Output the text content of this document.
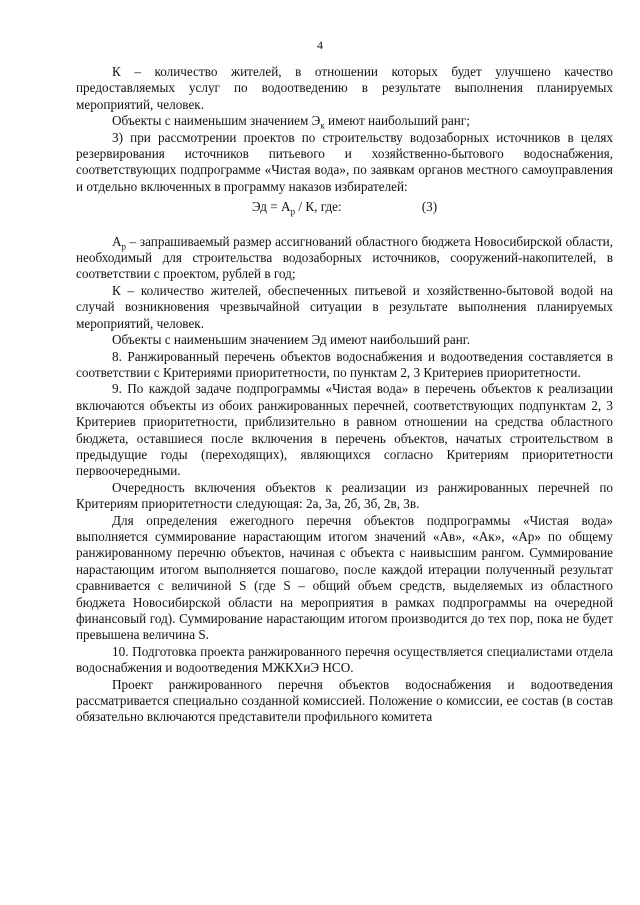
4

К – количество жителей, в отношении которых будет улучшено качество предоставляемых услуг по водоотведению в результате выполнения планируемых мероприятий, человек.

Объекты с наименьшим значением $Э_к$ имеют наибольший ранг;

3) при рассмотрении проектов по строительству водозаборных источников в целях резервирования источников питьевого и хозяйственно-бытового водоснабжения, соответствующих подпрограмме «Чистая вода», по заявкам органов местного самоуправления и отдельно включенных в программу наказов избирателей:

Эд = $А_р$ / К, где:	(3)

$А_р$ – запрашиваемый размер ассигнований областного бюджета Новосибирской области, необходимый для строительства водозаборных источников, сооружений-накопителей, в соответствии с проектом, рублей в год;

К – количество жителей, обеспеченных питьевой и хозяйственно-бытовой водой на случай возникновения чрезвычайной ситуации в результате выполнения планируемых мероприятий, человек.

Объекты с наименьшим значением Эд имеют наибольший ранг.

8. Ранжированный перечень объектов водоснабжения и водоотведения составляется в соответствии с Критериями приоритетности, по пунктам 2, 3 Критериев приоритетности.

9. По каждой задаче подпрограммы «Чистая вода» в перечень объектов к реализации включаются объекты из обоих ранжированных перечней, соответствующих подпунктам 2, 3 Критериев приоритетности, приблизительно в равном отношении на средства областного бюджета, оставшиеся после включения в перечень объектов, начатых строительством в предыдущие годы (переходящих), являющихся согласно Критериям приоритетности первоочередными.

Очередность включения объектов к реализации из ранжированных перечней по Критериям приоритетности следующая: 2а, 3а, 2б, 3б, 2в, 3в.

Для определения ежегодного перечня объектов подпрограммы «Чистая вода» выполняется суммирование нарастающим итогом значений «Ав», «Ак», «Ар» по общему ранжированному перечню объектов, начиная с объекта с наивысшим рангом. Суммирование нарастающим итогом выполняется пошагово, после каждой итерации полученный результат сравнивается с величиной S (где S – общий объем средств, выделяемых из областного бюджета Новосибирской области на мероприятия в рамках подпрограммы на очередной финансовый год). Суммирование нарастающим итогом производится до тех пор, пока не будет превышена величина S.

10. Подготовка проекта ранжированного перечня осуществляется специалистами отдела водоснабжения и водоотведения МЖКХиЭ НСО.

Проект ранжированного перечня объектов водоснабжения и водоотведения рассматривается специально созданной комиссией. Положение о комиссии, ее состав (в состав обязательно включаются представители профильного комитета
